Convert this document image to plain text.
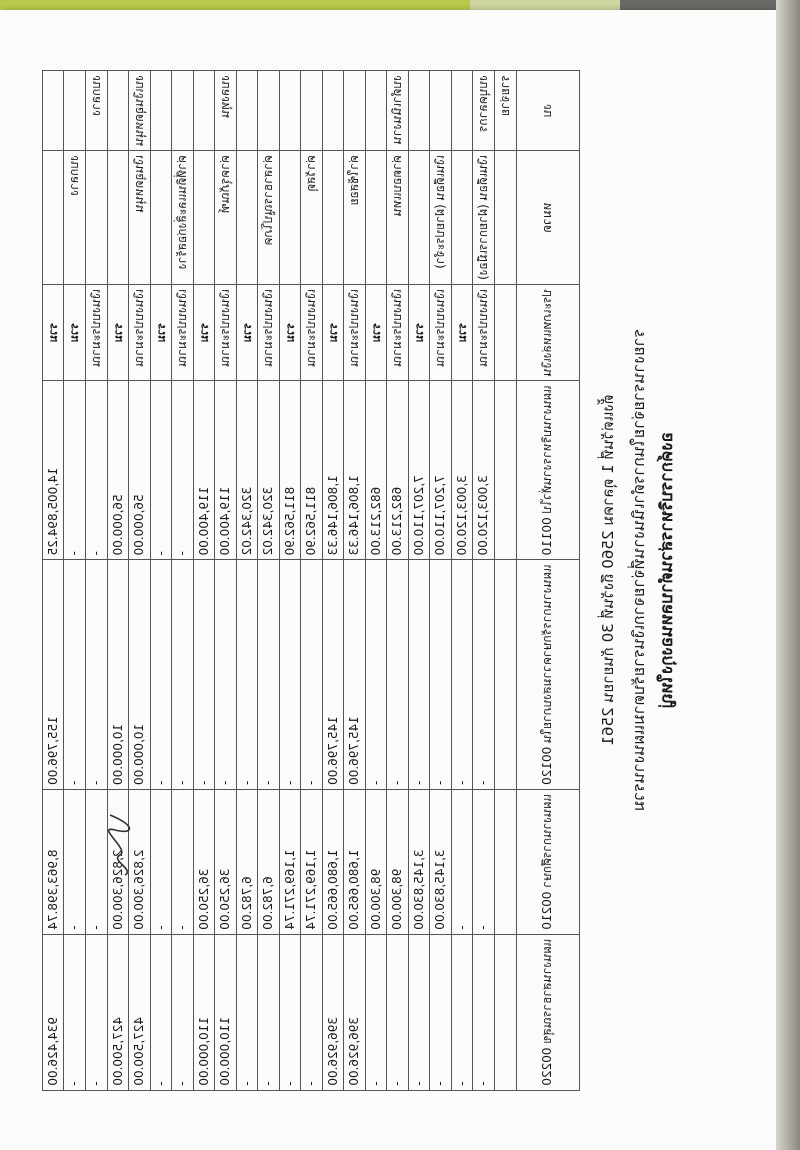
องค์การบริหารส่วนตำบลหนองกุงใหญ่
รายงานรายจ่ายในการดำเนินงานที่จ่ายจากเงินรายรับตามแผนงานรวม
ตั้งแต่วันที่ 1 ตุลาคม 2560 ถึงวันที่ 30 กันยายน 2561
งบ	หมวด	ประเภทแหล่งเงิน	แผนงานบริหารงานทั่วไป 00110	แผนงานการรักษาความสงบภายใน 00120	แผนงานการศึกษา 00210	แผนงานสาธารณสุข 00220
รายจ่าย						
งบบุคลากร	เงินเดือน (ฝ่ายการเมือง)	เงินงบประมาณ	3,003,120.00	-	-	-
		รวม	3,003,120.00	-	-	-
	เงินเดือน (ฝ่ายประจำ)	เงินงบประมาณ	7,207,110.00	-	3,145,830.00	-
		รวม	7,207,110.00	-	3,145,830.00	-
งบดำเนินงาน	ค่าตอบแทน	เงินงบประมาณ	682,213.00	-	98,300.00	-
		รวม	682,213.00	-	98,300.00	-
	ค่าใช้สอย	เงินงบประมาณ	1,806,146.33	145,796.00	1,680,665.00	396,926.00
		รวม	1,806,146.33	145,796.00	1,680,665.00	396,926.00
	ค่าวัสดุ	เงินงบประมาณ	811,562.90	-	1,169,271.74	-
		รวม	811,562.90	-	1,169,271.74	-
	ค่าสาธารณูปโภค	เงินงบประมาณ	320,342.02	-	6,782.00	-
		รวม	320,342.02	-	6,782.00	-
งบลงทุน	ค่าครุภัณฑ์	เงินงบประมาณ	119,400.00	-	36,250.00	110,000.00
		รวม	119,400.00	-	36,250.00	110,000.00
	ค่าที่ดินและสิ่งก่อสร้าง	เงินงบประมาณ	-	-	-	-
		รวม	-	-	-	-
งบเงินอุดหนุน	เงินอุดหนุน	เงินงบประมาณ	56,000.00	10,000.00	2,826,300.00	427,500.00
		รวม	56,000.00	10,000.00	2,826,300.00	427,500.00
งบกลาง		เงินงบประมาณ	-	-	-	-
	งบกลาง	รวม	-	-	-	-
		รวม	14,005,894.25	155,796.00	8,963,398.74	934,426.00
